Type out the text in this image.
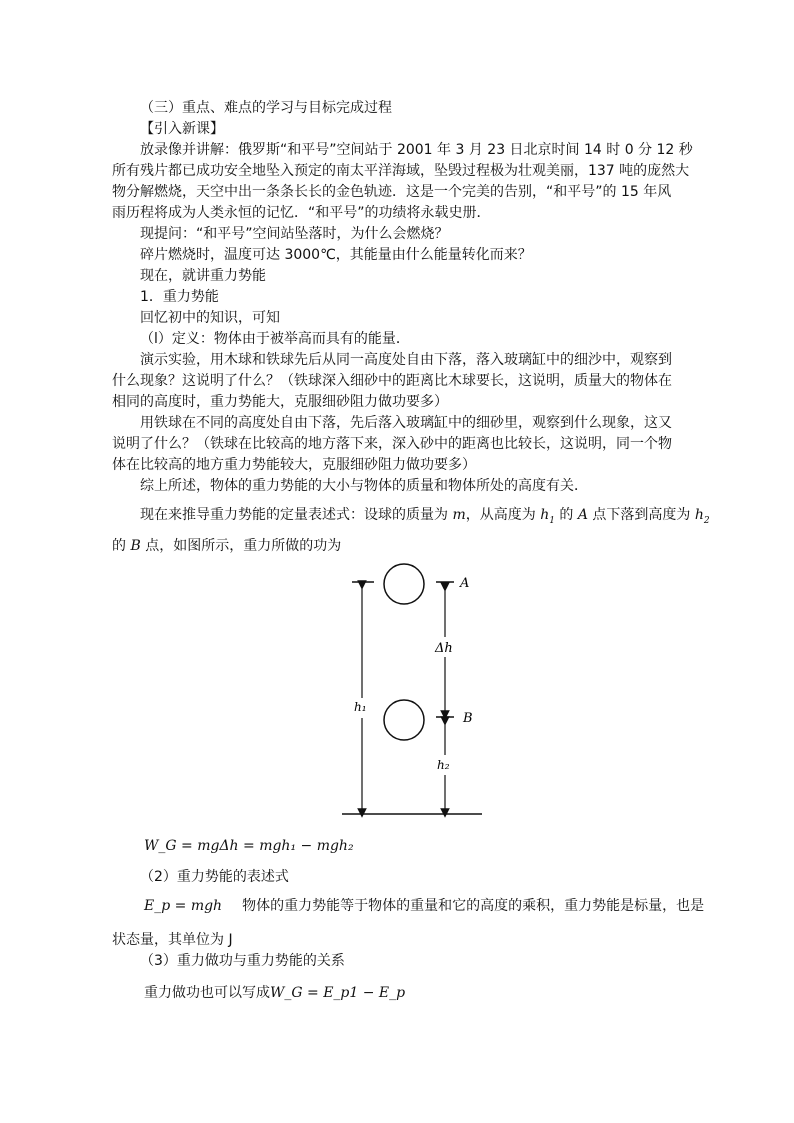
（三）重点、难点的学习与目标完成过程
【引入新课】
放录像并讲解：俄罗斯“和平号”空间站于 2001 年 3 月 23 日北京时间 14 时 0 分 12 秒
所有残片都已成功安全地坠入预定的南太平洋海域，坠毁过程极为壮观美丽，137 吨的庞然大
物分解燃烧，天空中出一条条长长的金色轨迹．这是一个完美的告别，“和平号”的 15 年风
雨历程将成为人类永恒的记忆．“和平号”的功绩将永载史册．
现提问：“和平号”空间站坠落时，为什么会燃烧？
碎片燃烧时，温度可达 3000℃，其能量由什么能量转化而来？
现在，就讲重力势能
1．重力势能
回忆初中的知识，可知
（l）定义：物体由于被举高而具有的能量．
演示实验，用木球和铁球先后从同一高度处自由下落，落入玻璃缸中的细沙中，观察到
什么现象？这说明了什么？（铁球深入细砂中的距离比木球要长，这说明，质量大的物体在
相同的高度时，重力势能大，克服细砂阻力做功要多）
用铁球在不同的高度处自由下落，先后落入玻璃缸中的细砂里，观察到什么现象，这又
说明了什么？（铁球在比较高的地方落下来，深入砂中的距离也比较长，这说明，同一个物
体在比较高的地方重力势能较大，克服细砂阻力做功要多）
综上所述，物体的重力势能的大小与物体的质量和物体所处的高度有关．
现在来推导重力势能的定量表述式：设球的质量为 m，从高度为 $h_1$ 的 A 点下落到高度为 $h_2$
的 B 点，如图所示，重力所做的功为
A
Δh
B
h₂
h₁
W_G = mgΔh = mgh₁ − mgh₂
（2）重力势能的表述式
E_p = mgh 物体的重力势能等于物体的重量和它的高度的乘积，重力势能是标量，也是
状态量，其单位为 J
（3）重力做功与重力势能的关系
重力做功也可以写成W_G = E_p1 − E_p
